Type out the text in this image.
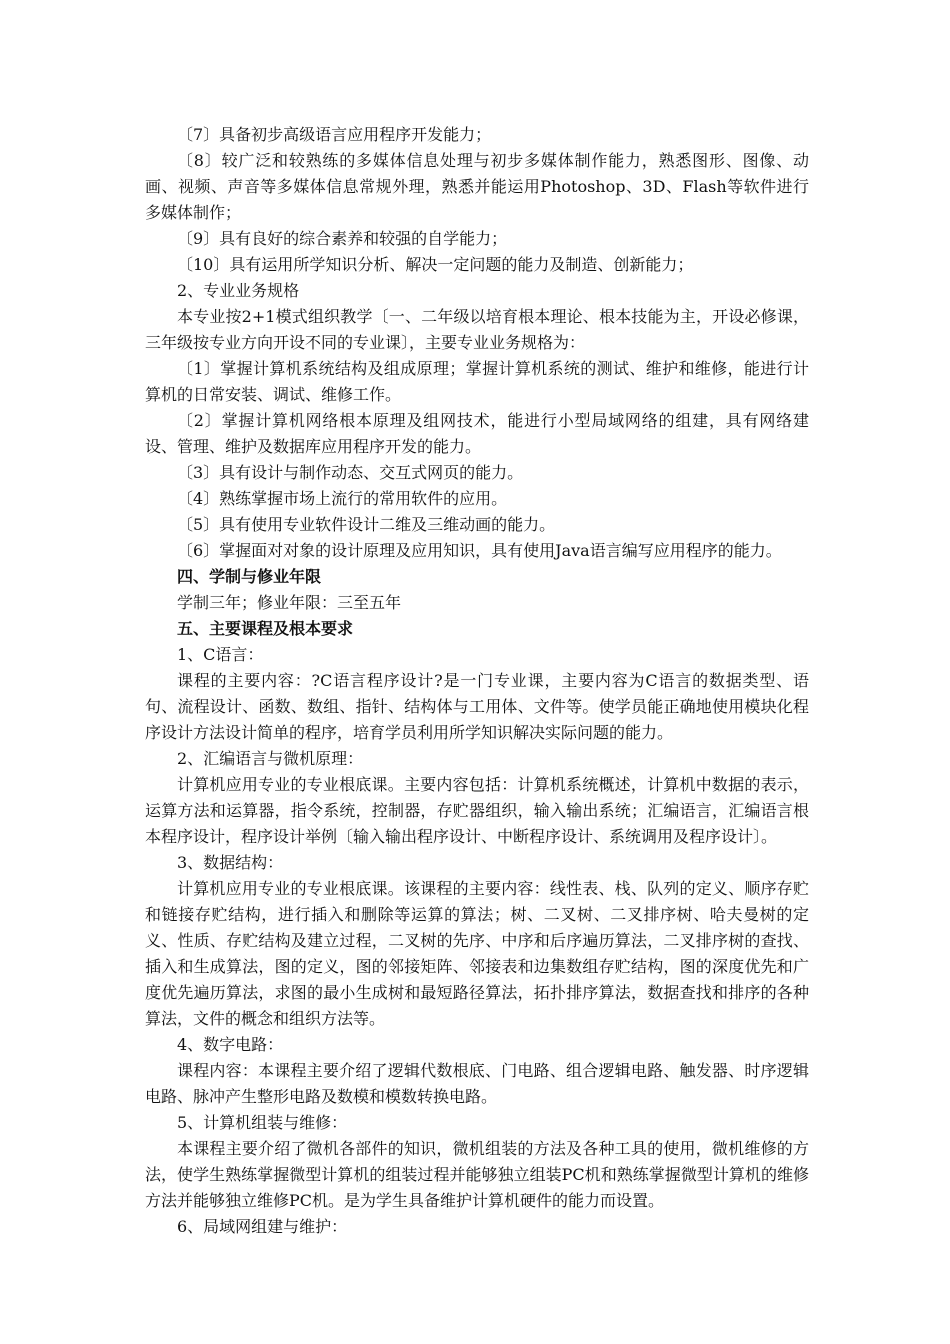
〔7〕具备初步高级语言应用程序开发能力；

〔8〕较广泛和较熟练的多媒体信息处理与初步多媒体制作能力，熟悉图形、图像、动画、视频、声音等多媒体信息常规外理，熟悉并能运用Photoshop、3D、Flash等软件进行多媒体制作；

〔9〕具有良好的综合素养和较强的自学能力；

〔10〕具有运用所学知识分析、解决一定问题的能力及制造、创新能力；

2、专业业务规格

本专业按2+1模式组织教学〔一、二年级以培育根本理论、根本技能为主，开设必修课，三年级按专业方向开设不同的专业课〕，主要专业业务规格为：

〔1〕掌握计算机系统结构及组成原理；掌握计算机系统的测试、维护和维修，能进行计算机的日常安装、调试、维修工作。

〔2〕掌握计算机网络根本原理及组网技术，能进行小型局域网络的组建，具有网络建设、管理、维护及数据库应用程序开发的能力。

〔3〕具有设计与制作动态、交互式网页的能力。

〔4〕熟练掌握市场上流行的常用软件的应用。

〔5〕具有使用专业软件设计二维及三维动画的能力。

〔6〕掌握面对对象的设计原理及应用知识，具有使用Java语言编写应用程序的能力。

四、学制与修业年限

学制三年；修业年限：三至五年

五、主要课程及根本要求

1、C语言：

课程的主要内容：?C语言程序设计?是一门专业课，主要内容为C语言的数据类型、语句、流程设计、函数、数组、指针、结构体与工用体、文件等。使学员能正确地使用模块化程序设计方法设计简单的程序，培育学员利用所学知识解决实际问题的能力。

2、汇编语言与微机原理：

计算机应用专业的专业根底课。主要内容包括：计算机系统概述，计算机中数据的表示，运算方法和运算器，指令系统，控制器，存贮器组织，输入输出系统；汇编语言，汇编语言根本程序设计，程序设计举例〔输入输出程序设计、中断程序设计、系统调用及程序设计〕。

3、数据结构：

计算机应用专业的专业根底课。该课程的主要内容：线性表、栈、队列的定义、顺序存贮和链接存贮结构，进行插入和删除等运算的算法；树、二叉树、二叉排序树、哈夫曼树的定义、性质、存贮结构及建立过程，二叉树的先序、中序和后序遍历算法，二叉排序树的查找、插入和生成算法，图的定义，图的邻接矩阵、邻接表和边集数组存贮结构，图的深度优先和广度优先遍历算法，求图的最小生成树和最短路径算法，拓扑排序算法，数据查找和排序的各种算法，文件的概念和组织方法等。

4、数字电路：

课程内容：本课程主要介绍了逻辑代数根底、门电路、组合逻辑电路、触发器、时序逻辑电路、脉冲产生整形电路及数模和模数转换电路。

5、计算机组装与维修：

本课程主要介绍了微机各部件的知识，微机组装的方法及各种工具的使用，微机维修的方法，使学生熟练掌握微型计算机的组装过程并能够独立组装PC机和熟练掌握微型计算机的维修方法并能够独立维修PC机。是为学生具备维护计算机硬件的能力而设置。

6、局域网组建与维护：
